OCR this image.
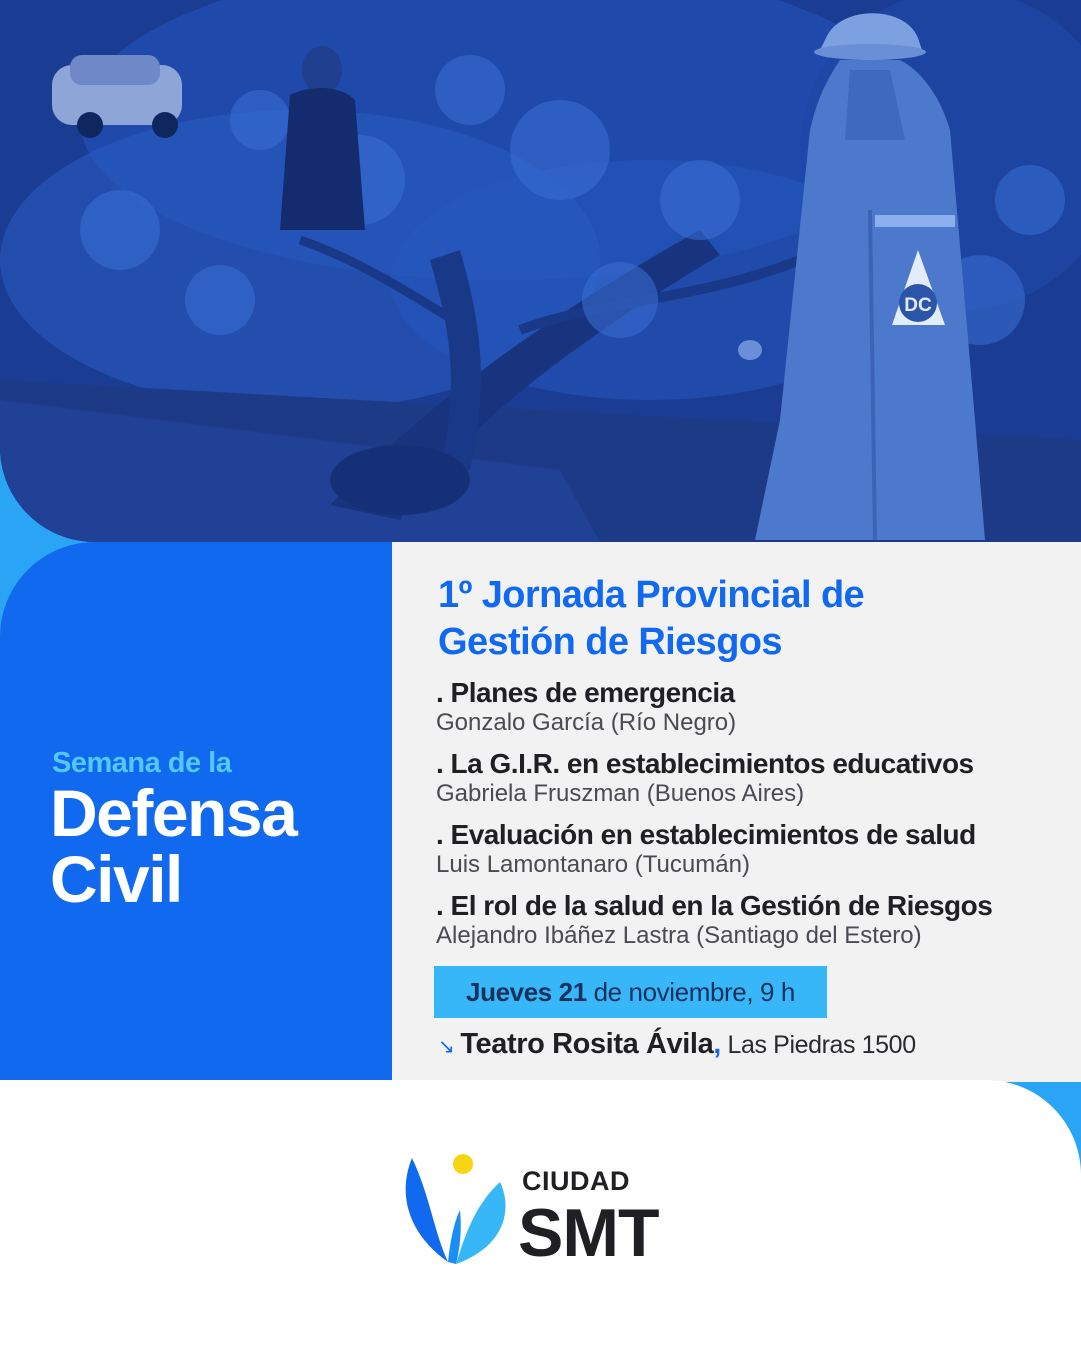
DC
Semana de la
Defensa
Civil
1º Jornada Provincial de
Gestión de Riesgos
. Planes de emergencia
Gonzalo García (Río Negro)
. La G.I.R. en establecimientos educativos
Gabriela Fruszman (Buenos Aires)
. Evaluación en establecimientos de salud
Luis Lamontanaro (Tucumán)
. El rol de la salud en la Gestión de Riesgos
Alejandro Ibáñez Lastra (Santiago del Estero)
Jueves 21 de noviembre, 9 h
↘ Teatro Rosita Ávila, Las Piedras 1500
CIUDAD
SMT
